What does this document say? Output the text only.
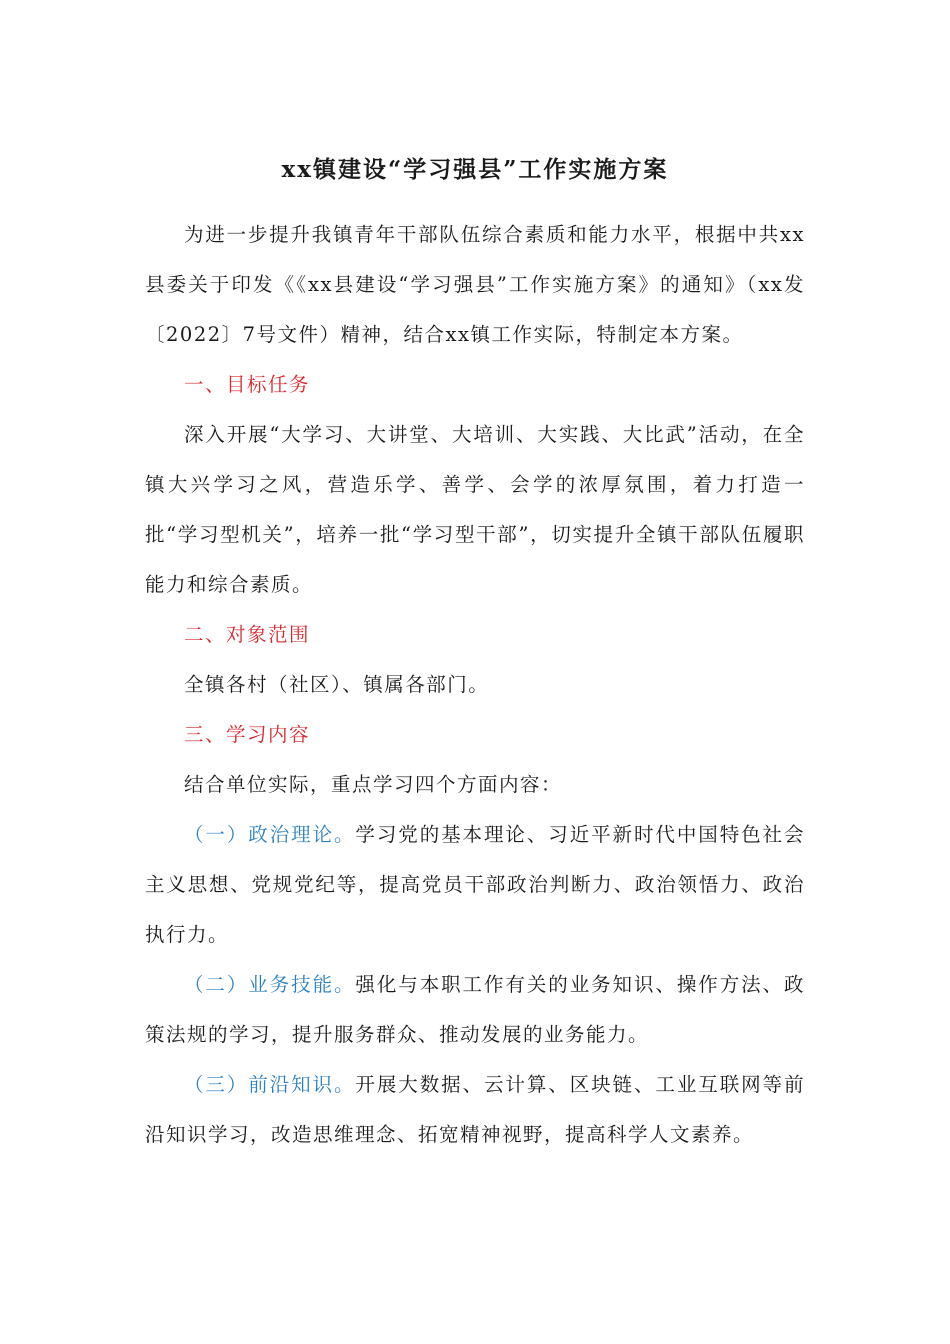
xx镇建设“学习强县”工作实施方案

为进一步提升我镇青年干部队伍综合素质和能力水平，根据中共xx县委关于印发《《xx县建设“学习强县”工作实施方案》的通知》（xx发〔2022〕7号文件）精神，结合xx镇工作实际，特制定本方案。

一、目标任务

深入开展“大学习、大讲堂、大培训、大实践、大比武”活动，在全镇大兴学习之风，营造乐学、善学、会学的浓厚氛围，着力打造一批“学习型机关”，培养一批“学习型干部”，切实提升全镇干部队伍履职能力和综合素质。

二、对象范围

全镇各村（社区）、镇属各部门。

三、学习内容

结合单位实际，重点学习四个方面内容：

（一）政治理论。学习党的基本理论、习近平新时代中国特色社会主义思想、党规党纪等，提高党员干部政治判断力、政治领悟力、政治执行力。

（二）业务技能。强化与本职工作有关的业务知识、操作方法、政策法规的学习，提升服务群众、推动发展的业务能力。

（三）前沿知识。开展大数据、云计算、区块链、工业互联网等前沿知识学习，改造思维理念、拓宽精神视野，提高科学人文素养。
